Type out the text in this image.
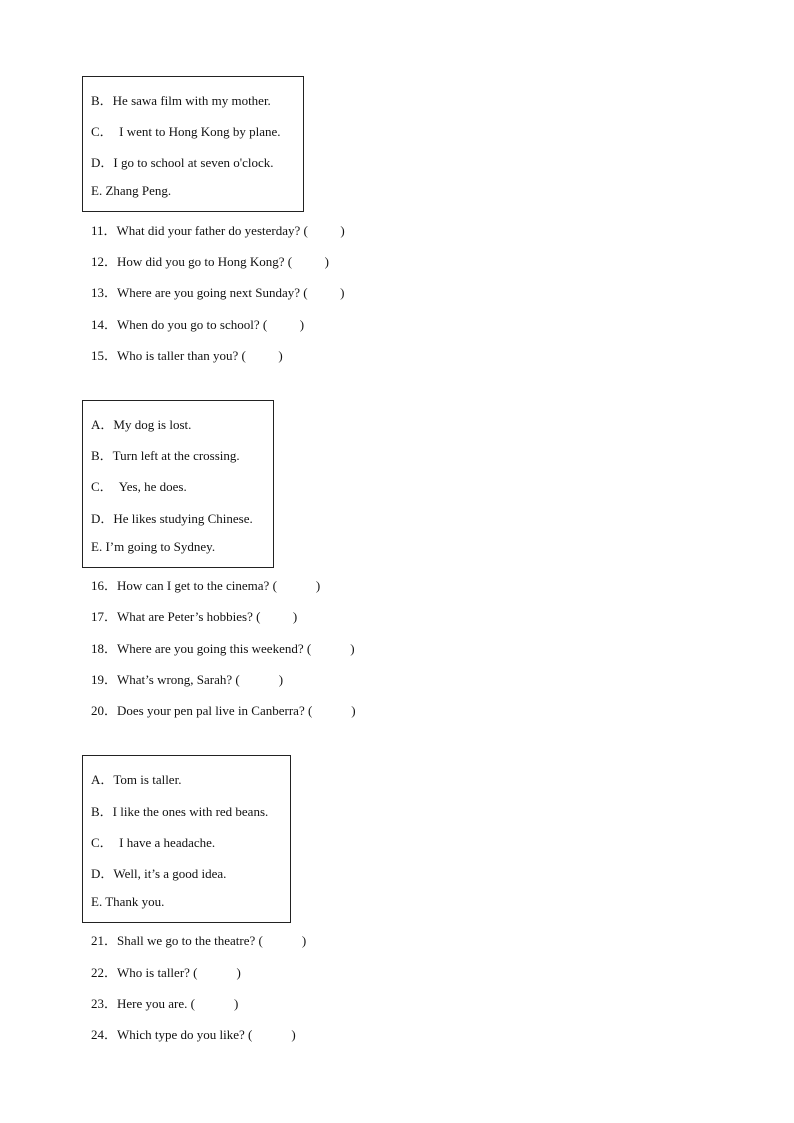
B．He sawa film with my mother.
C．  I went to Hong Kong by plane.
D．I go to school at seven o'clock.
E. Zhang Peng.
11．What did your father do yesterday? (          )
12．How did you go to Hong Kong? (          )
13．Where are you going next Sunday? (          )
14．When do you go to school? (          )
15．Who is taller than you? (          )
A．My dog is lost.
B．Turn left at the crossing.
C．  Yes, he does.
D．He likes studying Chinese.
E. I’m going to Sydney.
16．How can I get to the cinema? (            )
17．What are Peter’s hobbies? (          )
18．Where are you going this weekend? (            )
19．What’s wrong, Sarah? (            )
20．Does your pen pal live in Canberra? (            )
A．Tom is taller.
B．I like the ones with red beans.
C．  I have a headache.
D．Well, it’s a good idea.
E. Thank you.
21．Shall we go to the theatre? (            )
22．Who is taller? (            )
23．Here you are. (            )
24．Which type do you like? (            )
